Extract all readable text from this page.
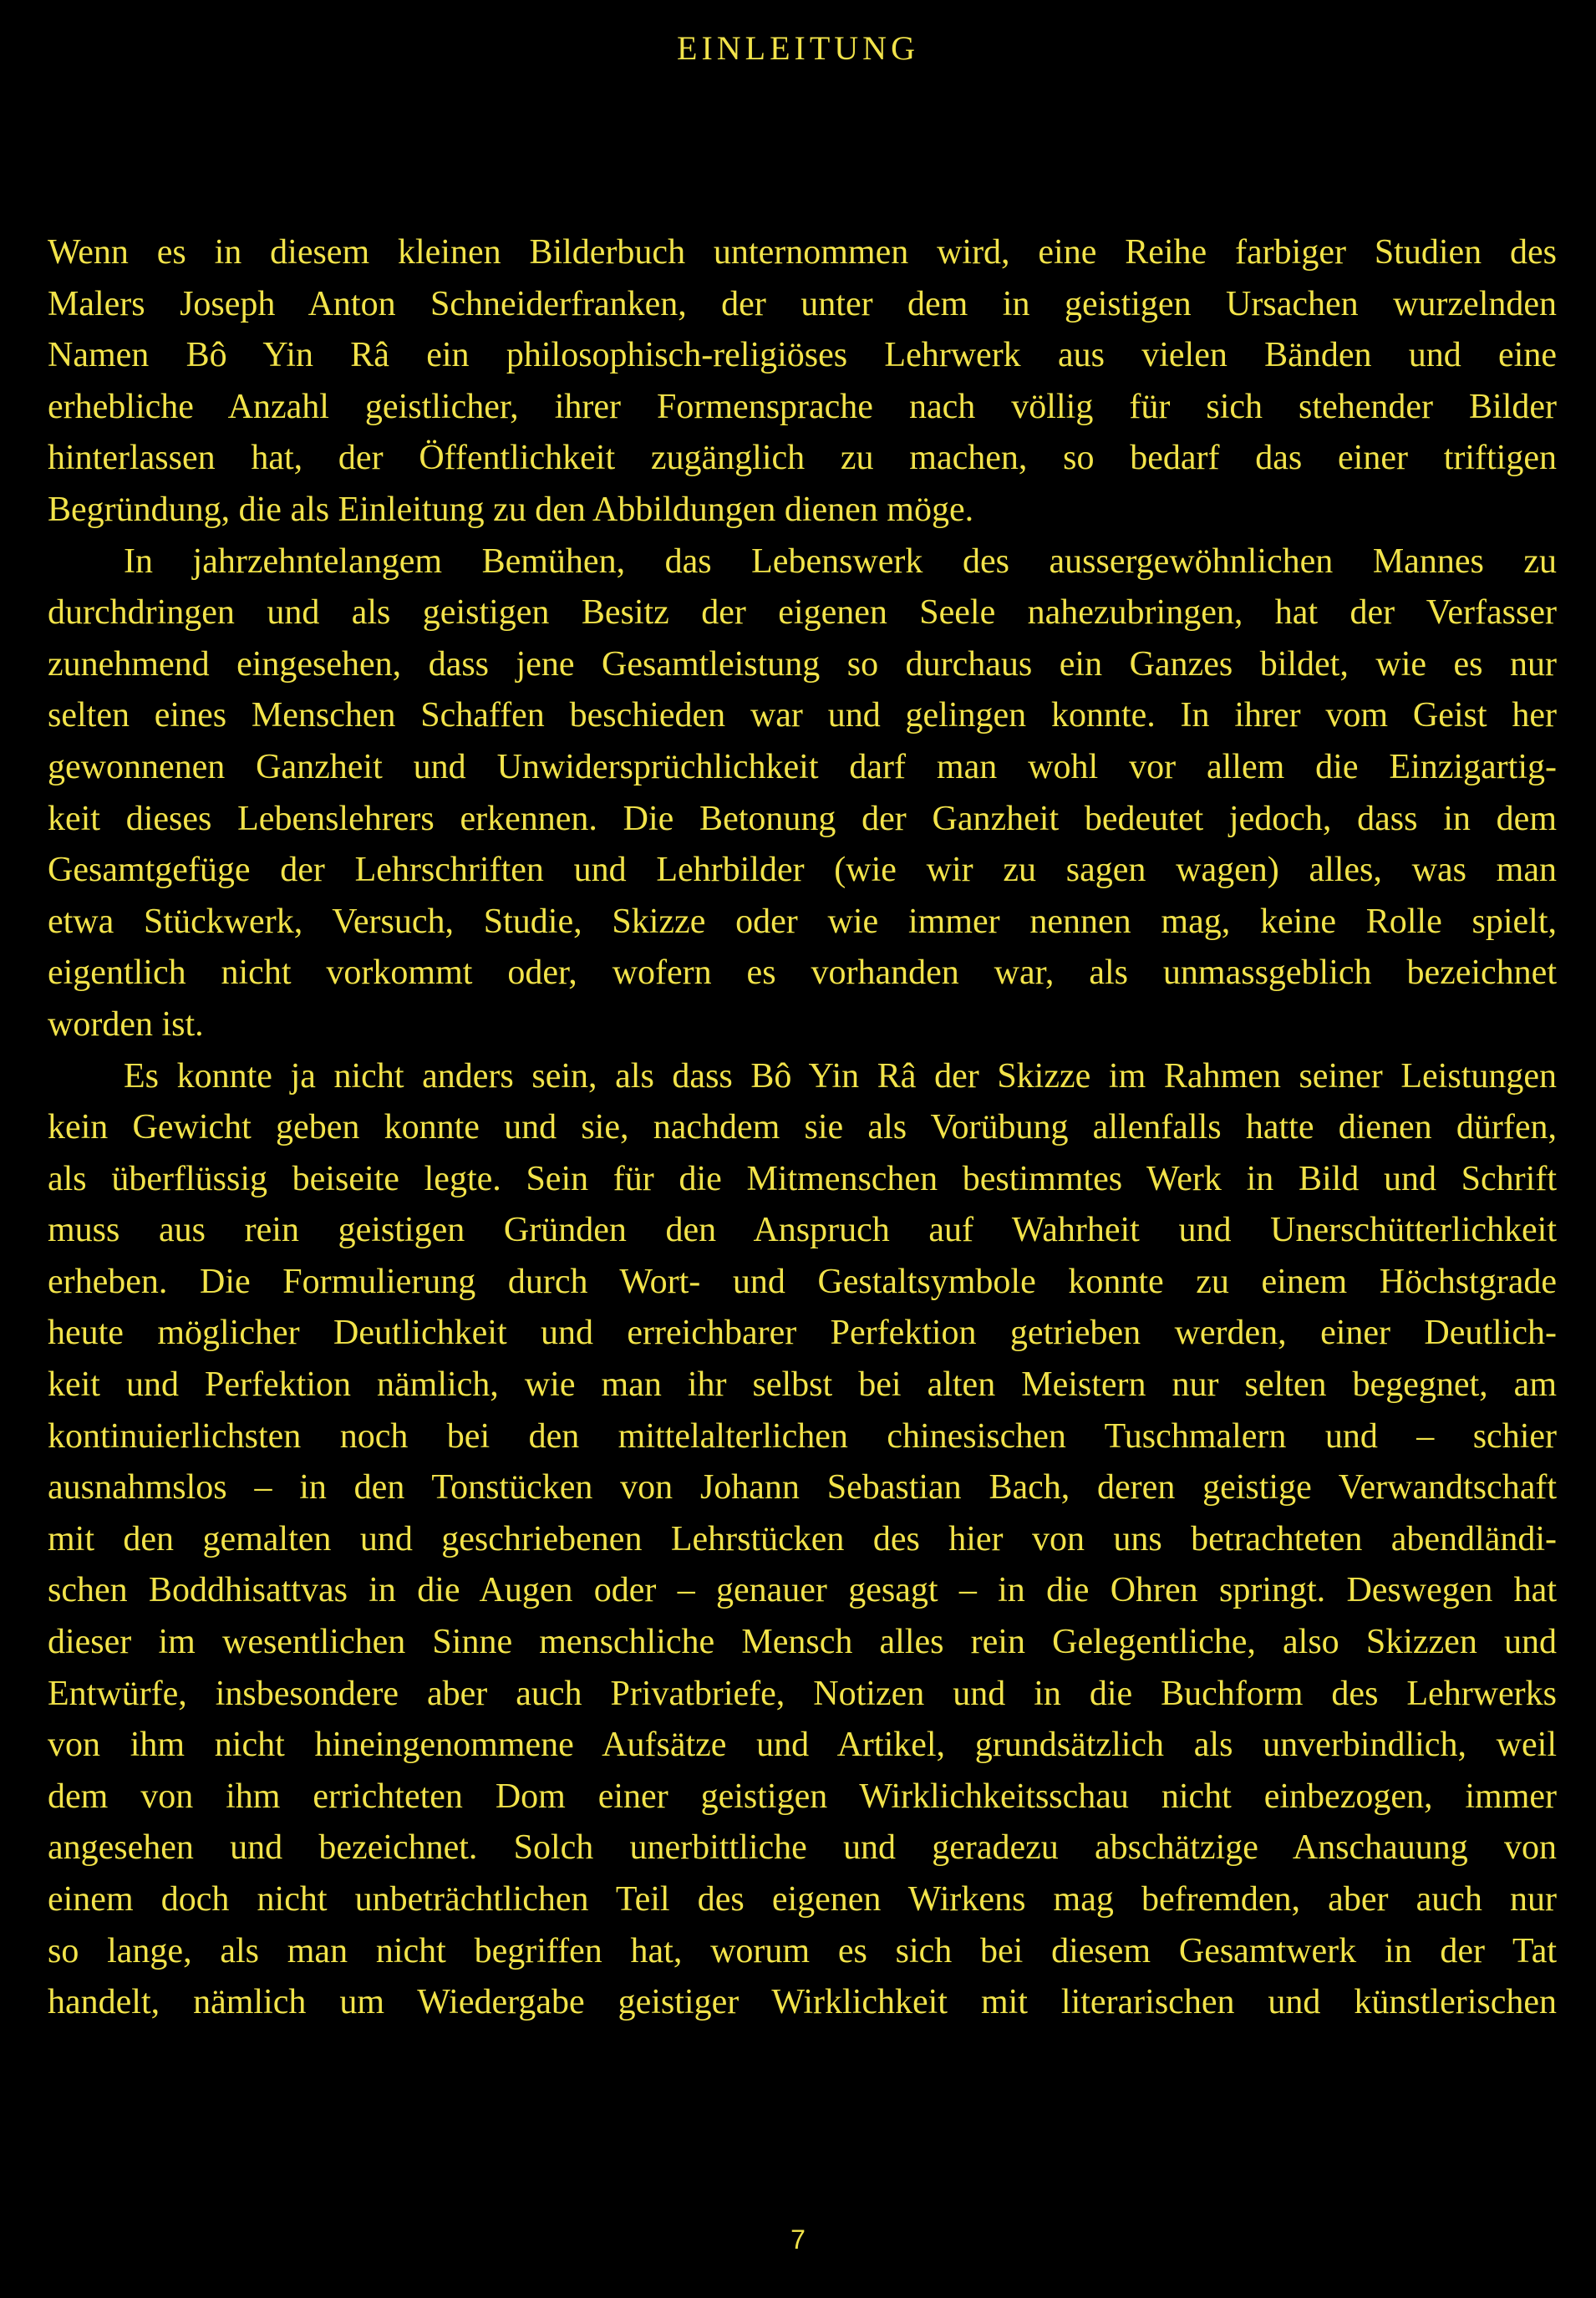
EINLEITUNG

Wenn es in diesem kleinen Bilderbuch unternommen wird, eine Reihe farbiger Studien des

Malers Joseph Anton Schneiderfranken, der unter dem in geistigen Ursachen wurzelnden

Namen Bô Yin Râ ein philosophisch-religiöses Lehrwerk aus vielen Bänden und eine

erhebliche Anzahl geistlicher, ihrer Formensprache nach völlig für sich stehender Bilder

hinterlassen hat, der Öffentlichkeit zugänglich zu machen, so bedarf das einer triftigen

Begründung, die als Einleitung zu den Abbildungen dienen möge.

In jahrzehntelangem Bemühen, das Lebenswerk des aussergewöhnlichen Mannes zu

durchdringen und als geistigen Besitz der eigenen Seele nahezubringen, hat der Verfasser

zunehmend eingesehen, dass jene Gesamtleistung so durchaus ein Ganzes bildet, wie es nur

selten eines Menschen Schaffen beschieden war und gelingen konnte. In ihrer vom Geist her

gewonnenen Ganzheit und Unwidersprüchlichkeit darf man wohl vor allem die Einzigartig-

keit dieses Lebenslehrers erkennen. Die Betonung der Ganzheit bedeutet jedoch, dass in dem

Gesamtgefüge der Lehrschriften und Lehrbilder (wie wir zu sagen wagen) alles, was man

etwa Stückwerk, Versuch, Studie, Skizze oder wie immer nennen mag, keine Rolle spielt,

eigentlich nicht vorkommt oder, wofern es vorhanden war, als unmassgeblich bezeichnet

worden ist.

Es konnte ja nicht anders sein, als dass Bô Yin Râ der Skizze im Rahmen seiner Leistungen

kein Gewicht geben konnte und sie, nachdem sie als Vorübung allenfalls hatte dienen dürfen,

als überflüssig beiseite legte. Sein für die Mitmenschen bestimmtes Werk in Bild und Schrift

muss aus rein geistigen Gründen den Anspruch auf Wahrheit und Unerschütterlichkeit

erheben. Die Formulierung durch Wort- und Gestaltsymbole konnte zu einem Höchstgrade

heute möglicher Deutlichkeit und erreichbarer Perfektion getrieben werden, einer Deutlich-

keit und Perfektion nämlich, wie man ihr selbst bei alten Meistern nur selten begegnet, am

kontinuierlichsten noch bei den mittelalterlichen chinesischen Tuschmalern und – schier

ausnahmslos – in den Tonstücken von Johann Sebastian Bach, deren geistige Verwandtschaft

mit den gemalten und geschriebenen Lehrstücken des hier von uns betrachteten abendländi-

schen Boddhisattvas in die Augen oder – genauer gesagt – in die Ohren springt. Deswegen hat

dieser im wesentlichen Sinne menschliche Mensch alles rein Gelegentliche, also Skizzen und

Entwürfe, insbesondere aber auch Privatbriefe, Notizen und in die Buchform des Lehrwerks

von ihm nicht hineingenommene Aufsätze und Artikel, grundsätzlich als unverbindlich, weil

dem von ihm errichteten Dom einer geistigen Wirklichkeitsschau nicht einbezogen, immer

angesehen und bezeichnet. Solch unerbittliche und geradezu abschätzige Anschauung von

einem doch nicht unbeträchtlichen Teil des eigenen Wirkens mag befremden, aber auch nur

so lange, als man nicht begriffen hat, worum es sich bei diesem Gesamtwerk in der Tat

handelt, nämlich um Wiedergabe geistiger Wirklichkeit mit literarischen und künstlerischen

7
